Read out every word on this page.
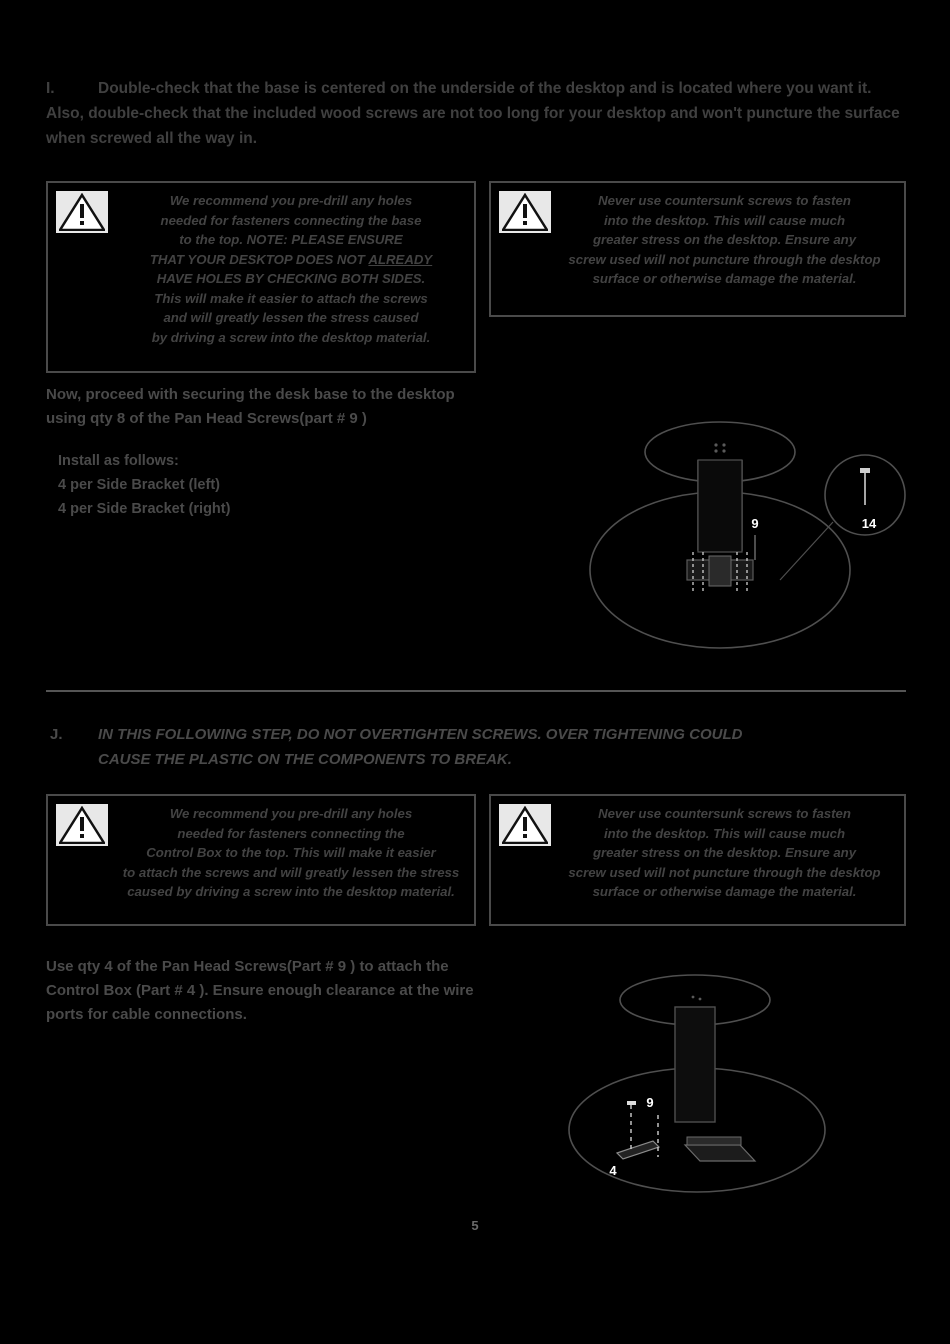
I.	Double-check that the base is centered on the underside of the desktop and is located where you want it. Also, double-check that the included wood screws are not too long for your desktop and won't puncture the surface when screwed all the way in.
We recommend you pre-drill any holes
needed for fasteners connecting the base
to the top. NOTE: PLEASE ENSURE
THAT YOUR DESKTOP DOES NOT ALREADY
HAVE HOLES BY CHECKING BOTH SIDES.
This will make it easier to attach the screws
and will greatly lessen the stress caused
by driving a screw into the desktop material.
Never use countersunk screws to fasten
into the desktop. This will cause much
greater stress on the desktop. Ensure any
screw used will not puncture through the desktop
surface or otherwise damage the material.
Now, proceed with securing the desk base to the desktop
using qty 8 of the Pan Head Screws(part # 9 )
Install as follows:
4 per Side Bracket (left)
4 per Side Bracket (right)
14
9
J. IN THIS FOLLOWING STEP, DO NOT OVERTIGHTEN SCREWS. OVER TIGHTENING COULD
CAUSE THE PLASTIC ON THE COMPONENTS TO BREAK.
We recommend you pre-drill any holes
needed for fasteners connecting the
Control Box to the top. This will make it easier
to attach the screws and will greatly lessen the stress
caused by driving a screw into the desktop material.
Never use countersunk screws to fasten
into the desktop. This will cause much
greater stress on the desktop. Ensure any
screw used will not puncture through the desktop
surface or otherwise damage the material.
Use qty 4 of the Pan Head Screws(Part # 9 ) to attach the
Control Box (Part # 4 ). Ensure enough clearance at the wire
ports for cable connections.
9
4
5
